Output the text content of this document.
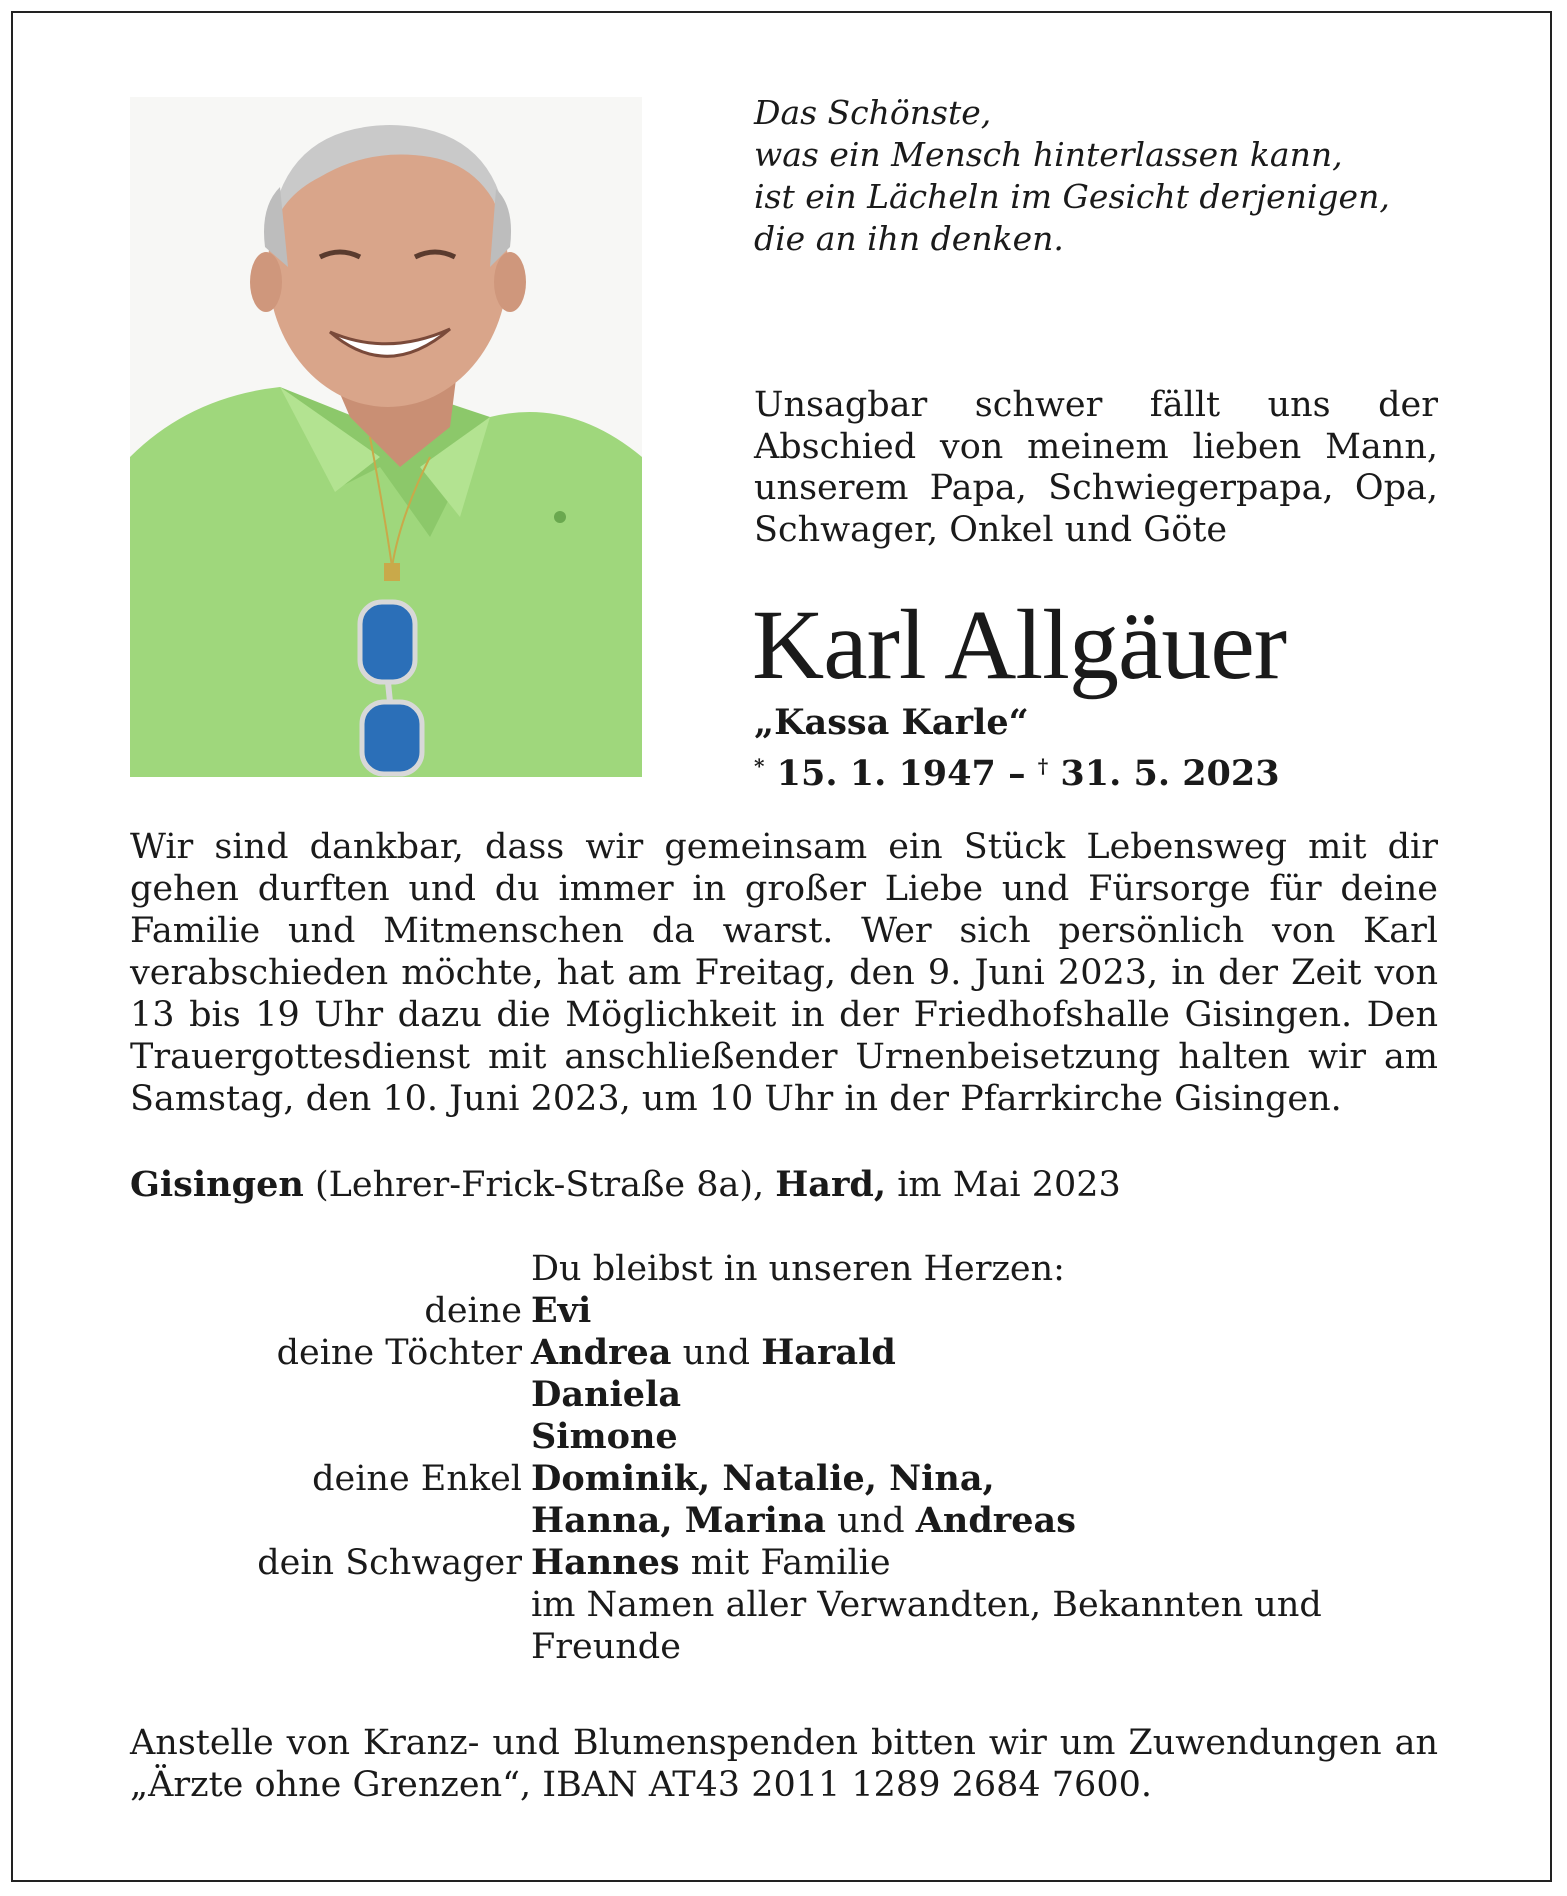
Das Schönste,
was ein Mensch hinterlassen kann,
ist ein Lächeln im Gesicht derjenigen,
die an ihn denken.
Unsagbar schwer fällt uns der Abschied von meinem lieben Mann, unserem Papa, Schwiegerpapa, Opa, Schwager, Onkel und Göte
Karl Allgäuer
„Kassa Karle“
* 15. 1. 1947 – † 31. 5. 2023
Wir sind dankbar, dass wir gemeinsam ein Stück Lebensweg mit dir gehen durften und du immer in großer Liebe und Fürsorge für deine Familie und Mitmenschen da warst. Wer sich persönlich von Karl verabschieden möchte, hat am Freitag, den 9. Juni 2023, in der Zeit von 13 bis 19 Uhr dazu die Möglichkeit in der Friedhofshalle Gisingen. Den Trauergottesdienst mit anschließender Urnenbeisetzung halten wir am Samstag, den 10. Juni 2023, um 10 Uhr in der Pfarrkirche Gisingen.
Gisingen (Lehrer-Frick-Straße 8a), Hard, im Mai 2023
Du bleibst in unseren Herzen:
deine Evi
deine Töchter Andrea und Harald
Daniela
Simone
deine Enkel Dominik, Natalie, Nina,
Hanna, Marina und Andreas
dein Schwager Hannes mit Familie
im Namen aller Verwandten, Bekannten und Freunde
Anstelle von Kranz- und Blumenspenden bitten wir um Zuwendungen an „Ärzte ohne Grenzen“, IBAN AT43 2011 1289 2684 7600.
